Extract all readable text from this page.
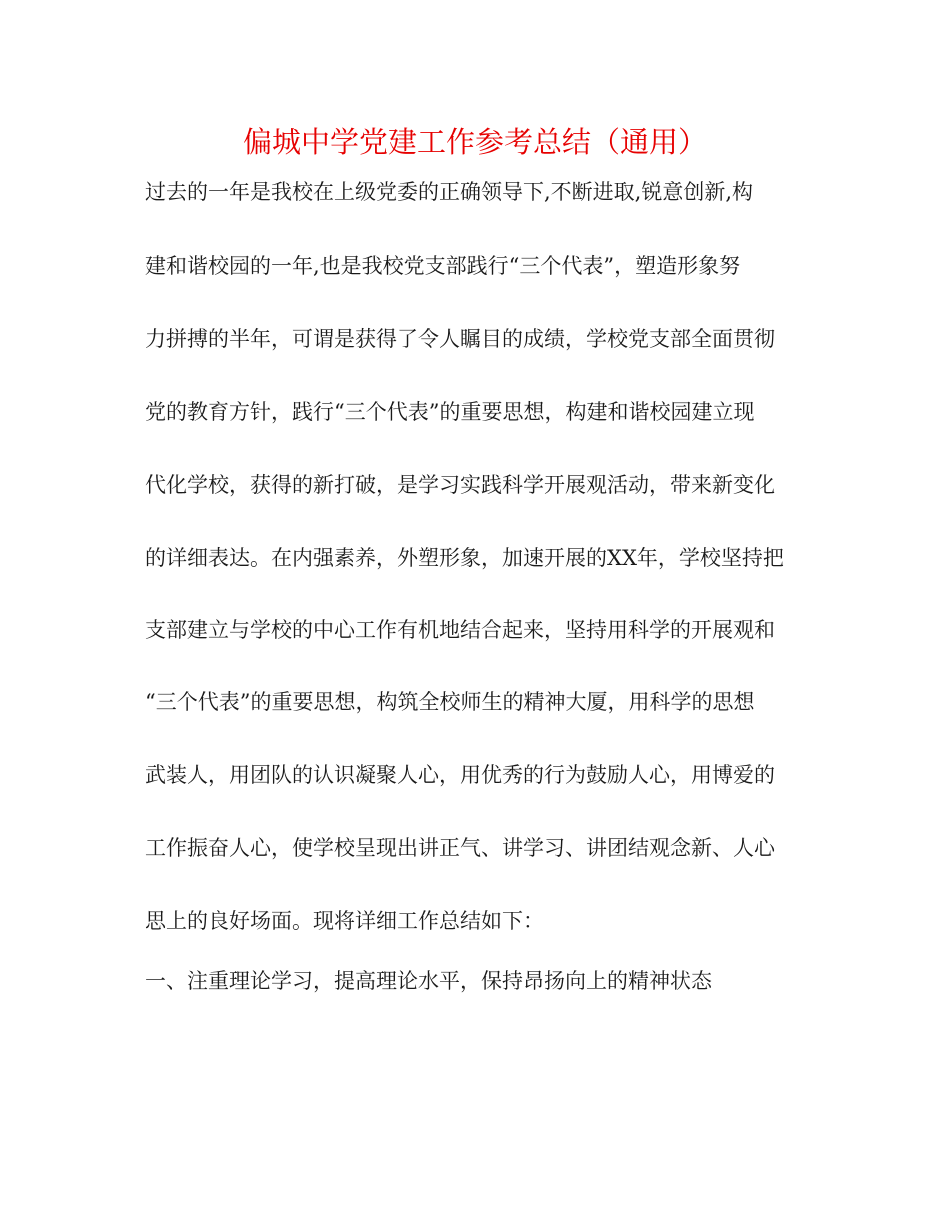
偏城中学党建工作参考总结（通用）
过去的一年是我校在上级党委的正确领导下,不断进取,锐意创新,构
建和谐校园的一年,也是我校党支部践行“三个代表”，塑造形象努
力拼搏的半年，可谓是获得了令人瞩目的成绩，学校党支部全面贯彻
党的教育方针，践行“三个代表”的重要思想，构建和谐校园建立现
代化学校，获得的新打破，是学习实践科学开展观活动，带来新变化
的详细表达。在内强素养，外塑形象，加速开展的XX年，学校坚持把
支部建立与学校的中心工作有机地结合起来，坚持用科学的开展观和
“三个代表”的重要思想，构筑全校师生的精神大厦，用科学的思想
武装人，用团队的认识凝聚人心，用优秀的行为鼓励人心，用博爱的
工作振奋人心，使学校呈现出讲正气、讲学习、讲团结观念新、人心
思上的良好场面。现将详细工作总结如下：
一、注重理论学习，提高理论水平，保持昂扬向上的精神状态
